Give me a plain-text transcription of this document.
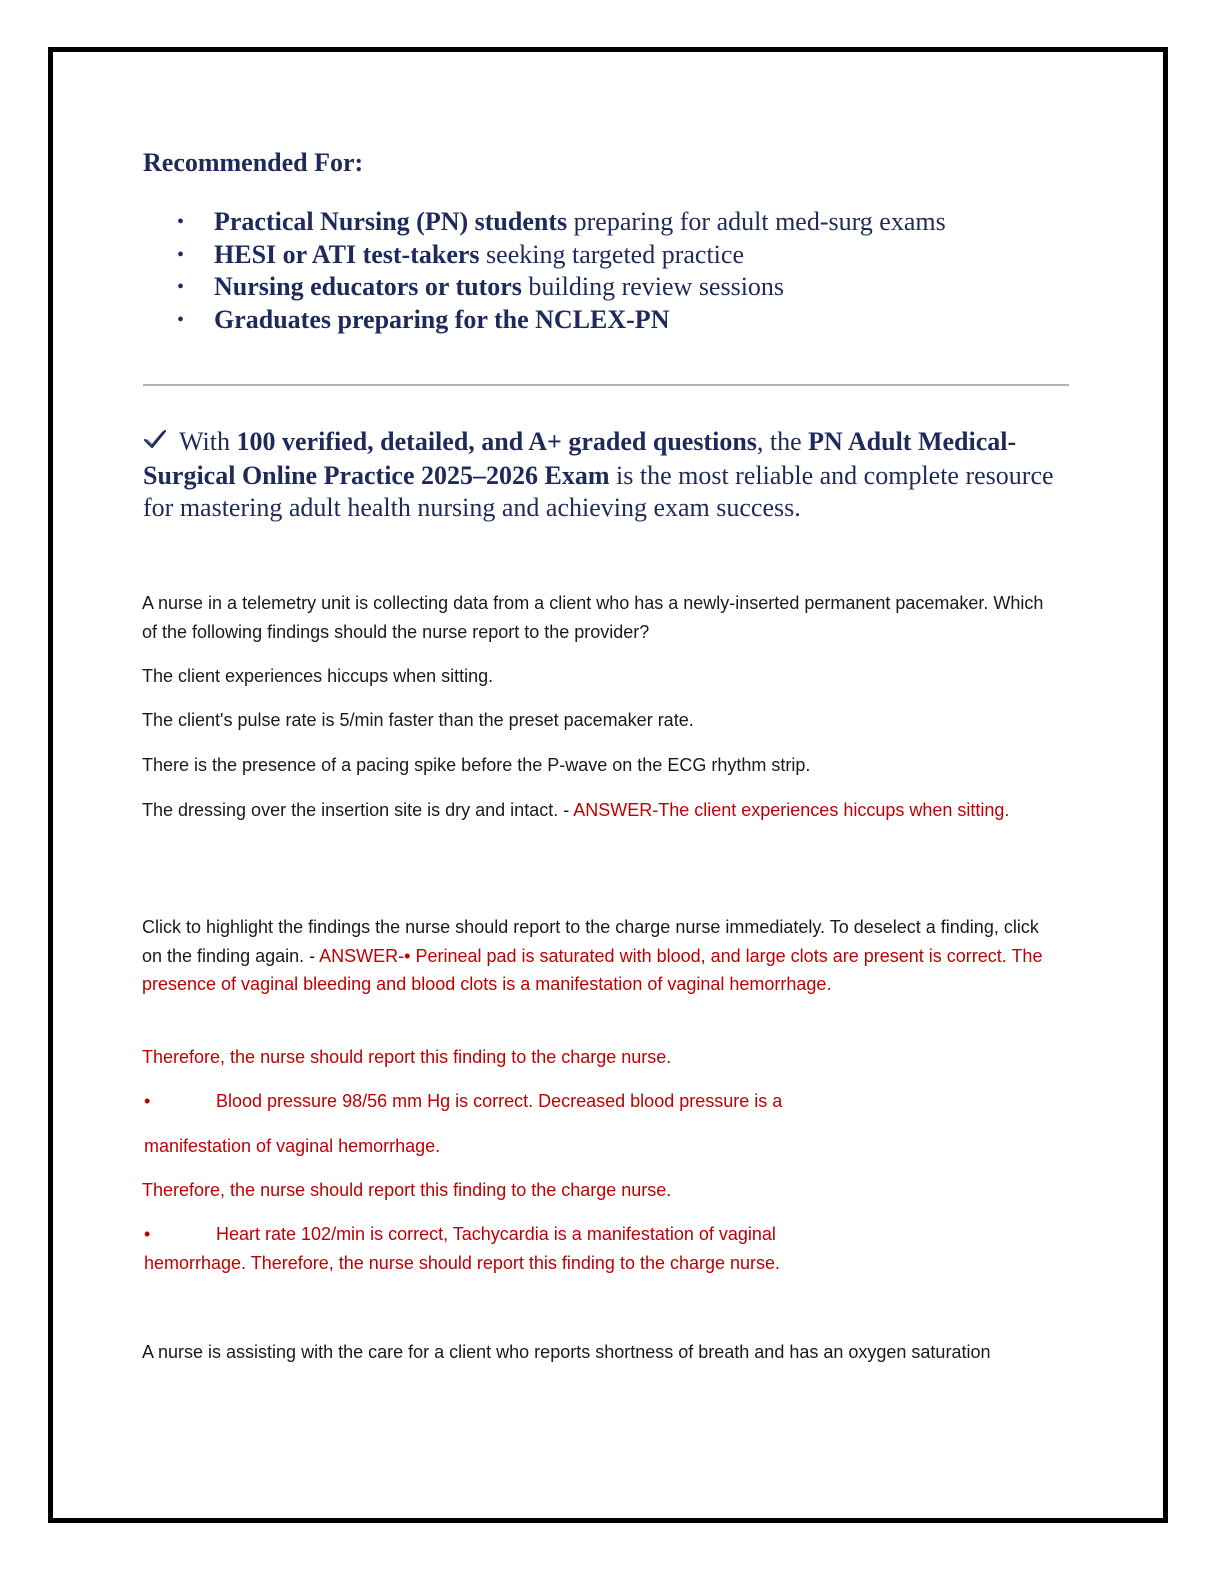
Recommended For:
• Practical Nursing (PN) students preparing for adult med-surg exams
• HESI or ATI test-takers seeking targeted practice
• Nursing educators or tutors building review sessions
• Graduates preparing for the NCLEX-PN

With 100 verified, detailed, and A+ graded questions, the PN Adult Medical-Surgical Online Practice 2025–2026 Exam is the most reliable and complete resource for mastering adult health nursing and achieving exam success.

A nurse in a telemetry unit is collecting data from a client who has a newly-inserted permanent pacemaker. Which of the following findings should the nurse report to the provider?

The client experiences hiccups when sitting.

The client's pulse rate is 5/min faster than the preset pacemaker rate.

There is the presence of a pacing spike before the P-wave on the ECG rhythm strip.

The dressing over the insertion site is dry and intact. - ANSWER-The client experiences hiccups when sitting.

Click to highlight the findings the nurse should report to the charge nurse immediately. To deselect a finding, click on the finding again. - ANSWER-• Perineal pad is saturated with blood, and large clots are present is correct. The presence of vaginal bleeding and blood clots is a manifestation of vaginal hemorrhage.

Therefore, the nurse should report this finding to the charge nurse.

•	Blood pressure 98/56 mm Hg is correct. Decreased blood pressure is a

manifestation of vaginal hemorrhage.

Therefore, the nurse should report this finding to the charge nurse.

•	Heart rate 102/min is correct, Tachycardia is a manifestation of vaginal

hemorrhage. Therefore, the nurse should report this finding to the charge nurse.

A nurse is assisting with the care for a client who reports shortness of breath and has an oxygen saturation
